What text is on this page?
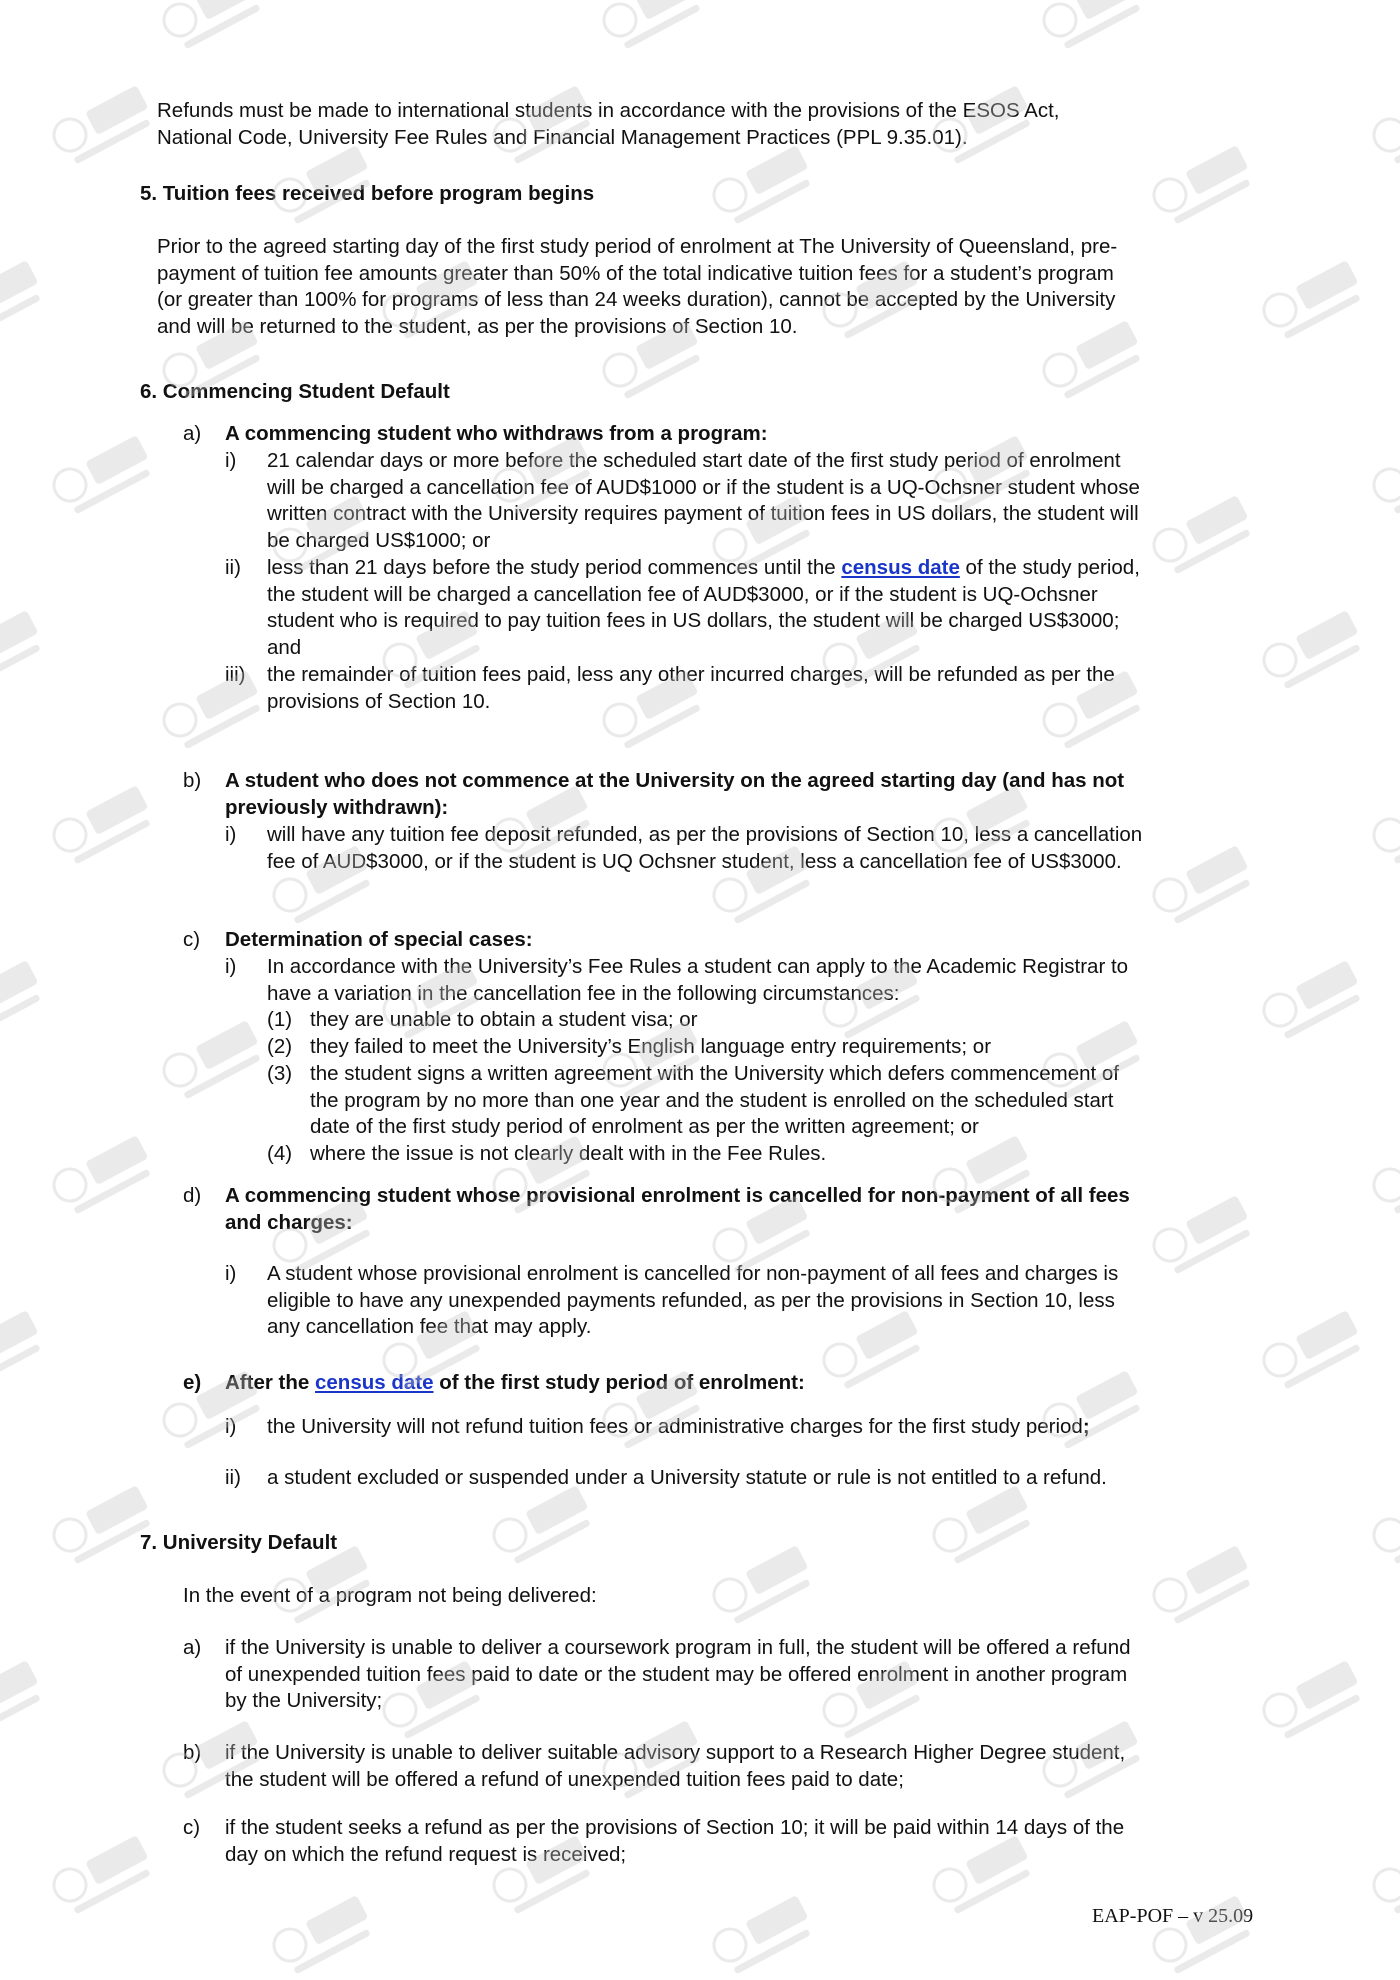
Refunds must be made to international students in accordance with the provisions of the ESOS Act,
National Code, University Fee Rules and Financial Management Practices (PPL 9.35.01).
5. Tuition fees received before program begins
Prior to the agreed starting day of the first study period of enrolment at The University of Queensland, pre-
payment of tuition fee amounts greater than 50% of the total indicative tuition fees for a student’s program
(or greater than 100% for programs of less than 24 weeks duration), cannot be accepted by the University
and will be returned to the student, as per the provisions of Section 10.
6. Commencing Student Default
a) A commencing student who withdraws from a program:
i) 21 calendar days or more before the scheduled start date of the first study period of enrolment
will be charged a cancellation fee of AUD$1000 or if the student is a UQ-Ochsner student whose
written contract with the University requires payment of tuition fees in US dollars, the student will
be charged US$1000; or
ii) less than 21 days before the study period commences until the census date of the study period,
the student will be charged a cancellation fee of AUD$3000, or if the student is UQ-Ochsner
student who is required to pay tuition fees in US dollars, the student will be charged US$3000;
and
iii) the remainder of tuition fees paid, less any other incurred charges, will be refunded as per the
provisions of Section 10.
b) A student who does not commence at the University on the agreed starting day (and has not
previously withdrawn):
i) will have any tuition fee deposit refunded, as per the provisions of Section 10, less a cancellation
fee of AUD$3000, or if the student is UQ Ochsner student, less a cancellation fee of US$3000.
c) Determination of special cases:
i) In accordance with the University’s Fee Rules a student can apply to the Academic Registrar to
have a variation in the cancellation fee in the following circumstances:
(1) they are unable to obtain a student visa; or
(2) they failed to meet the University’s English language entry requirements; or
(3) the student signs a written agreement with the University which defers commencement of
the program by no more than one year and the student is enrolled on the scheduled start
date of the first study period of enrolment as per the written agreement; or
(4) where the issue is not clearly dealt with in the Fee Rules.
d) A commencing student whose provisional enrolment is cancelled for non-payment of all fees
and charges:
i) A student whose provisional enrolment is cancelled for non-payment of all fees and charges is
eligible to have any unexpended payments refunded, as per the provisions in Section 10, less
any cancellation fee that may apply.
e) After the census date of the first study period of enrolment:
i) the University will not refund tuition fees or administrative charges for the first study period;
ii) a student excluded or suspended under a University statute or rule is not entitled to a refund.
7. University Default
In the event of a program not being delivered:
a) if the University is unable to deliver a coursework program in full, the student will be offered a refund
of unexpended tuition fees paid to date or the student may be offered enrolment in another program
by the University;
b) if the University is unable to deliver suitable advisory support to a Research Higher Degree student,
the student will be offered a refund of unexpended tuition fees paid to date;
c) if the student seeks a refund as per the provisions of Section 10; it will be paid within 14 days of the
day on which the refund request is received;
EAP-POF – v 25.09
